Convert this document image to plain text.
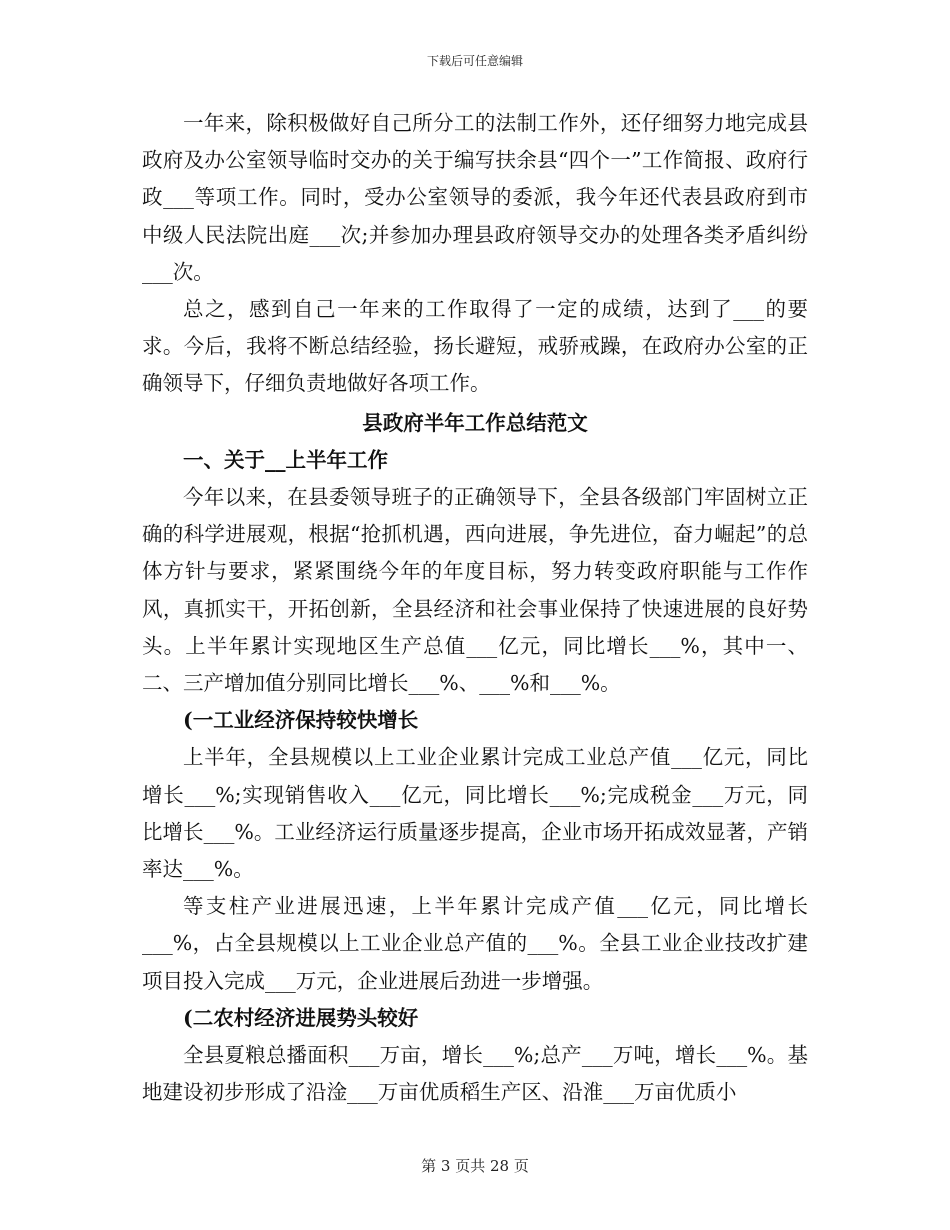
下载后可任意编辑

一年来，除积极做好自己所分工的法制工作外，还仔细努力地完成县政府及办公室领导临时交办的关于编写扶余县“四个一”工作简报、政府行政___等项工作。同时，受办公室领导的委派，我今年还代表县政府到市中级人民法院出庭___次;并参加办理县政府领导交办的处理各类矛盾纠纷___次。

总之，感到自己一年来的工作取得了一定的成绩，达到了___的要求。今后，我将不断总结经验，扬长避短，戒骄戒躁，在政府办公室的正确领导下，仔细负责地做好各项工作。

县政府半年工作总结范文

一、关于__上半年工作

今年以来，在县委领导班子的正确领导下，全县各级部门牢固树立正确的科学进展观，根据“抢抓机遇，西向进展，争先进位，奋力崛起”的总体方针与要求，紧紧围绕今年的年度目标，努力转变政府职能与工作作风，真抓实干，开拓创新，全县经济和社会事业保持了快速进展的良好势头。上半年累计实现地区生产总值___亿元，同比增长___%，其中一、二、三产增加值分别同比增长___%、___%和___%。

(一工业经济保持较快增长

上半年，全县规模以上工业企业累计完成工业总产值___亿元，同比增长___%;实现销售收入___亿元，同比增长___%;完成税金___万元，同比增长___%。工业经济运行质量逐步提高，企业市场开拓成效显著，产销率达___%。

等支柱产业进展迅速，上半年累计完成产值___亿元，同比增长___%，占全县规模以上工业企业总产值的___%。全县工业企业技改扩建项目投入完成___万元，企业进展后劲进一步增强。

(二农村经济进展势头较好

全县夏粮总播面积___万亩，增长___%;总产___万吨，增长___%。基地建设初步形成了沿淦___万亩优质稻生产区、沿淮___万亩优质小

第 3 页共 28 页
